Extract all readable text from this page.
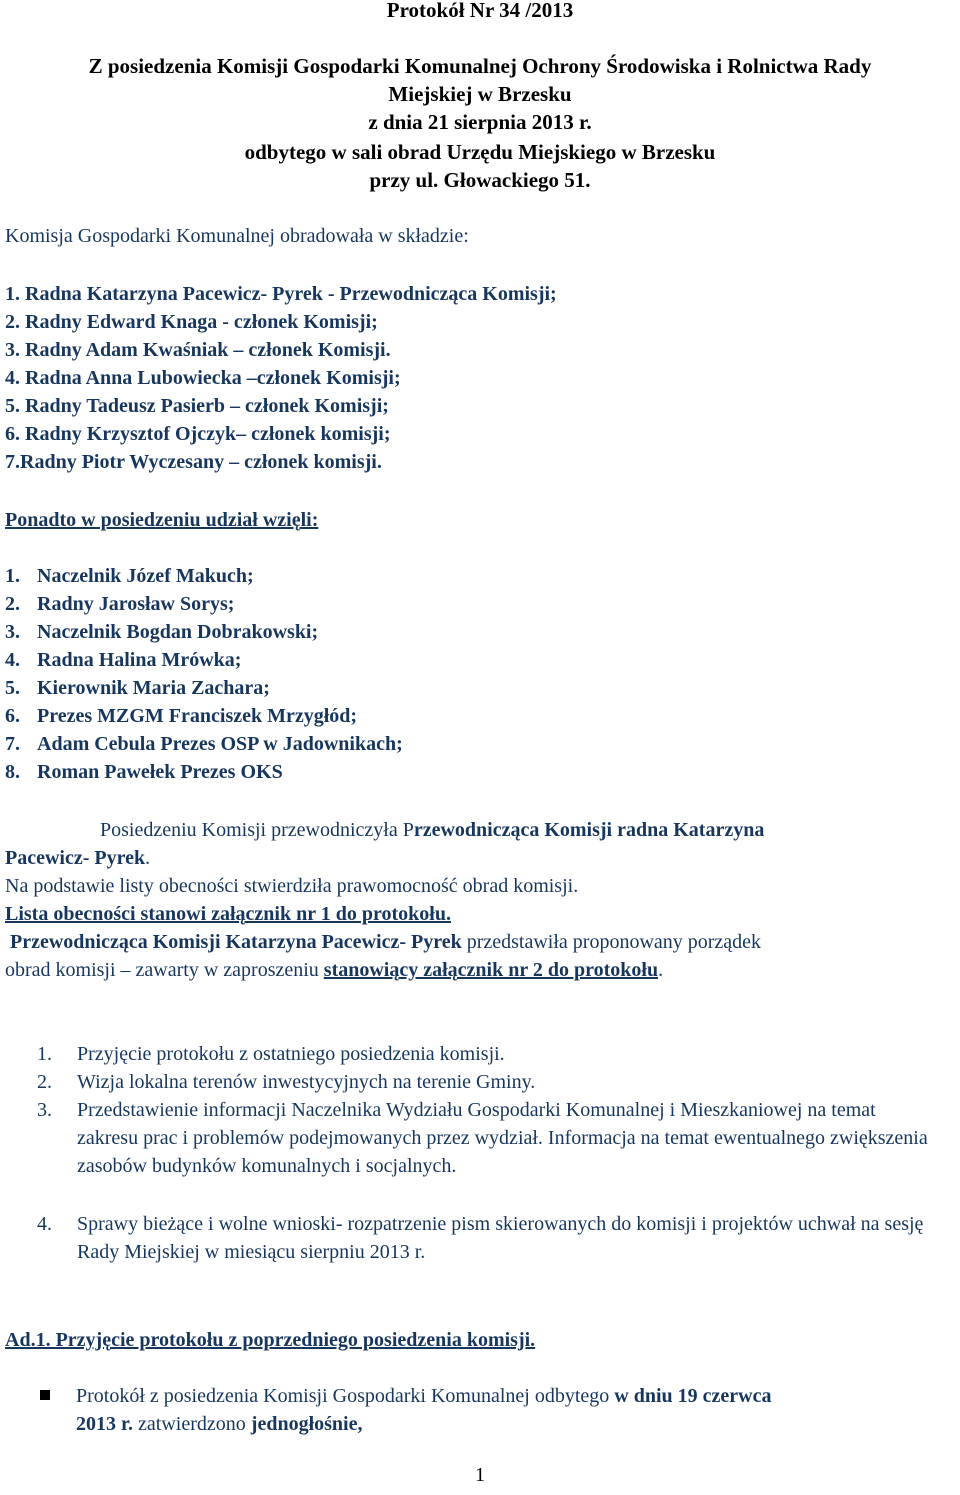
Protokół Nr 34 /2013
Z posiedzenia Komisji Gospodarki Komunalnej Ochrony Środowiska i Rolnictwa Rady
Miejskiej w Brzesku
z dnia 21 sierpnia 2013 r.
odbytego w sali obrad Urzędu Miejskiego w Brzesku
przy ul. Głowackiego 51.
Komisja Gospodarki Komunalnej obradowała w składzie:
1. Radna Katarzyna Pacewicz- Pyrek - Przewodnicząca Komisji;
2. Radny Edward Knaga - członek Komisji;
3. Radny Adam Kwaśniak – członek Komisji.
4. Radna Anna Lubowiecka –członek Komisji;
5. Radny Tadeusz Pasierb – członek Komisji;
6. Radny Krzysztof Ojczyk– członek komisji;
7.Radny Piotr Wyczesany – członek komisji.
Ponadto w posiedzeniu udział wzięli:
1. Naczelnik Józef Makuch;
2. Radny Jarosław Sorys;
3. Naczelnik Bogdan Dobrakowski;
4. Radna Halina Mrówka;
5. Kierownik Maria Zachara;
6. Prezes MZGM Franciszek Mrzygłód;
7. Adam Cebula Prezes OSP w Jadownikach;
8. Roman Pawełek Prezes OKS
Posiedzeniu Komisji przewodniczyła Przewodnicząca Komisji radna Katarzyna
Pacewicz- Pyrek.
Na podstawie listy obecności stwierdziła prawomocność obrad komisji.
Lista obecności stanowi załącznik nr 1 do protokołu.
Przewodnicząca Komisji Katarzyna Pacewicz- Pyrek przedstawiła proponowany porządek
obrad komisji – zawarty w zaproszeniu stanowiący załącznik nr 2 do protokołu.
1. Przyjęcie protokołu z ostatniego posiedzenia komisji.
2. Wizja lokalna terenów inwestycyjnych na terenie Gminy.
3. Przedstawienie informacji Naczelnika Wydziału Gospodarki Komunalnej i Mieszkaniowej na temat zakresu prac i problemów podejmowanych przez wydział. Informacja na temat ewentualnego zwiększenia zasobów budynków komunalnych i socjalnych.
4. Sprawy bieżące i wolne wnioski- rozpatrzenie pism skierowanych do komisji i projektów uchwał na sesję Rady Miejskiej w miesiącu sierpniu 2013 r.
Ad.1. Przyjęcie protokołu z poprzedniego posiedzenia komisji.
Protokół z posiedzenia Komisji Gospodarki Komunalnej odbytego w dniu 19 czerwca
2013 r. zatwierdzono jednogłośnie,
1
